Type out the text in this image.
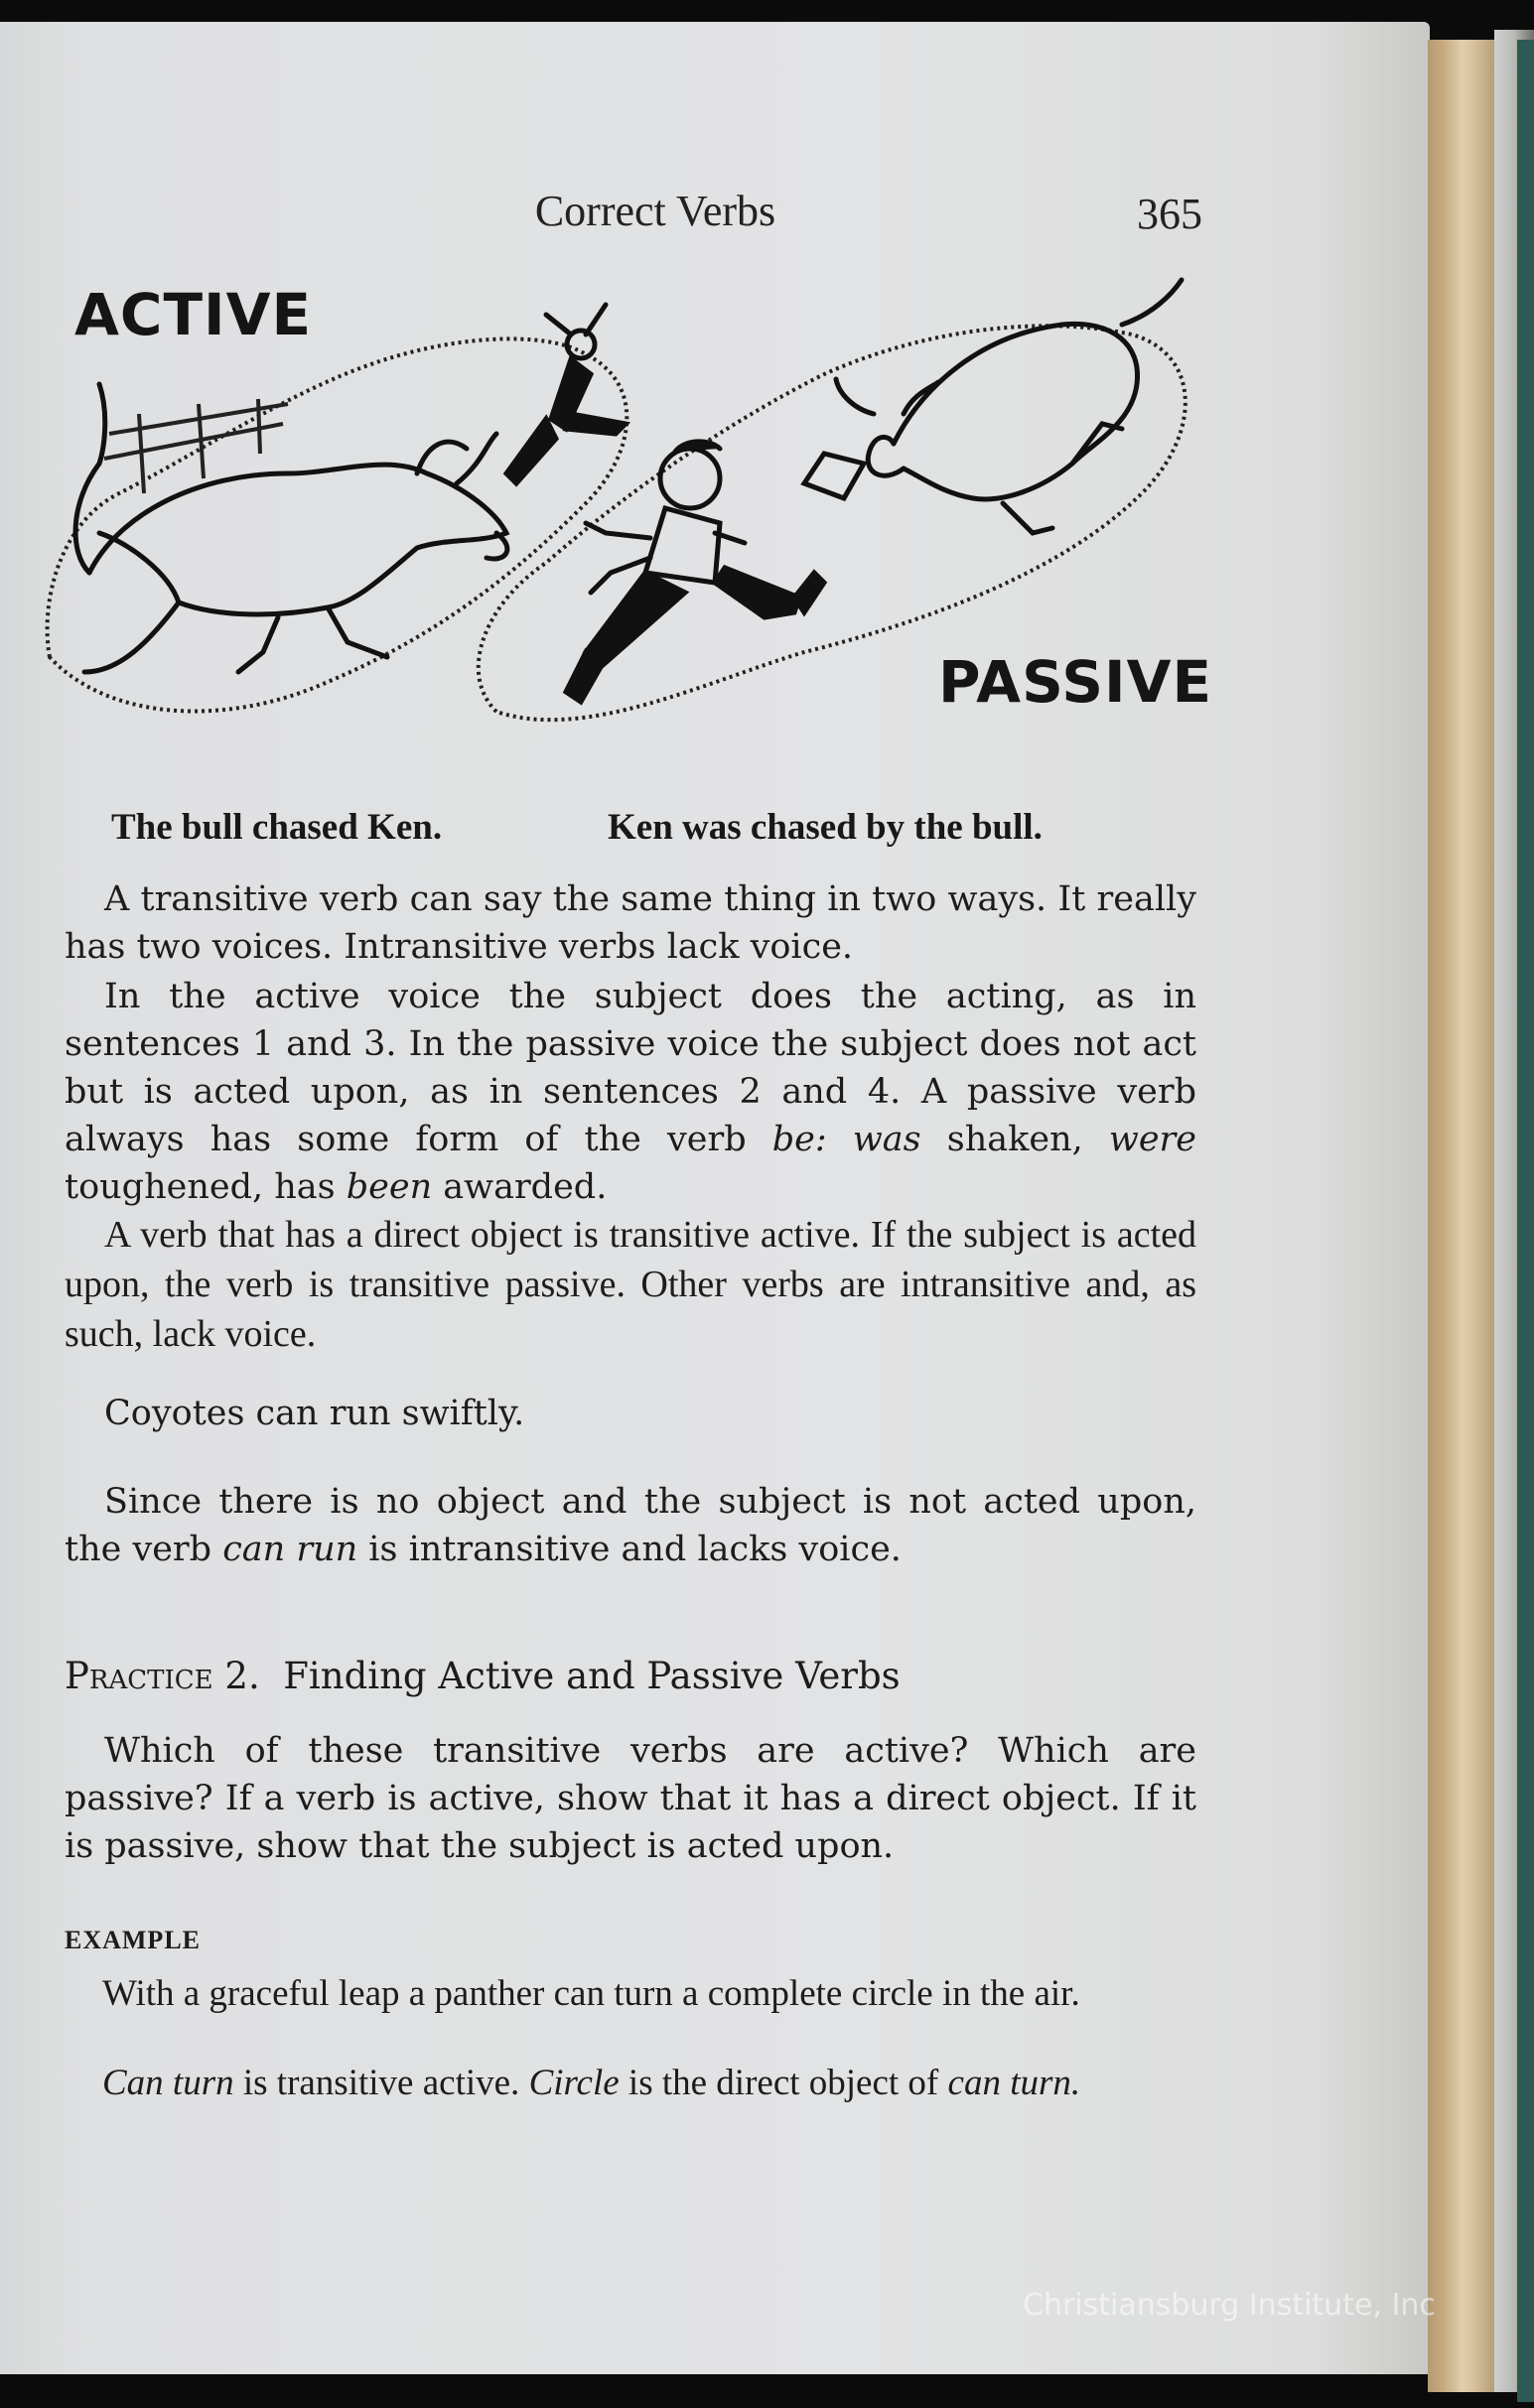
Correct Verbs	365
ACTIVE
PASSIVE
The bull chased Ken.	Ken was chased by the bull.
A transitive verb can say the same thing in two ways. It really has two voices. Intransitive verbs lack voice.
In the active voice the subject does the acting, as in sentences 1 and 3. In the passive voice the subject does not act but is acted upon, as in sentences 2 and 4. A passive verb always has some form of the verb be: was shaken, were toughened, has been awarded.
A verb that has a direct object is transitive active. If the subject is acted upon, the verb is transitive passive. Other verbs are intransitive and, as such, lack voice.
Coyotes can run swiftly.
Since there is no object and the subject is not acted upon, the verb can run is intransitive and lacks voice.
Practice 2. Finding Active and Passive Verbs
Which of these transitive verbs are active? Which are passive? If a verb is active, show that it has a direct object. If it is passive, show that the subject is acted upon.
EXAMPLE
With a graceful leap a panther can turn a complete circle in the air.
Can turn is transitive active. Circle is the direct object of can turn.
Christiansburg Institute, Inc
